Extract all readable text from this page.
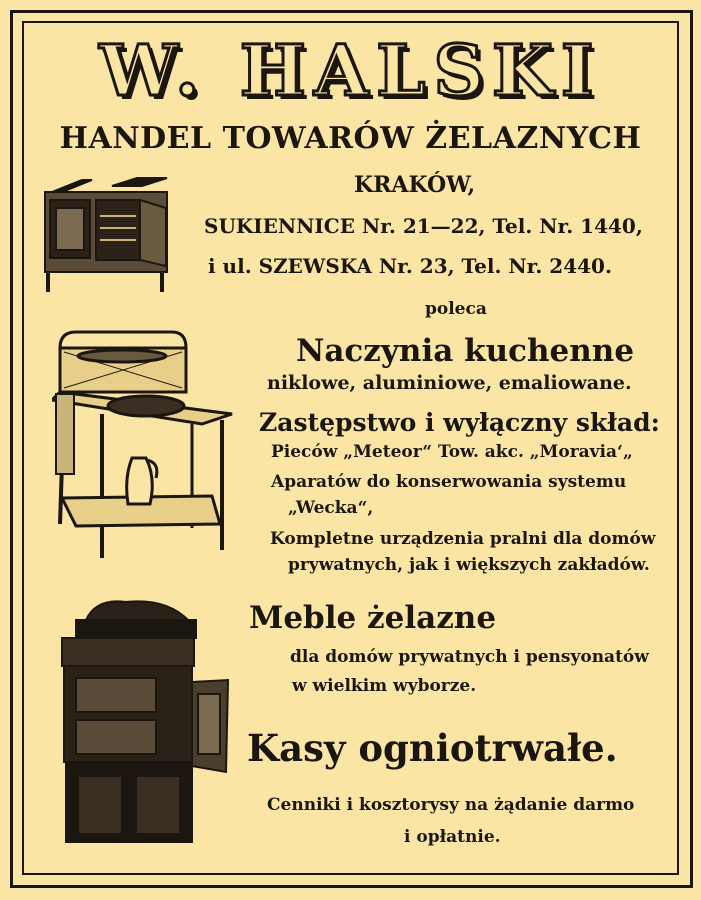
W. HALSKI
HANDEL TOWARÓW ŻELAZNYCH
KRAKÓW,
SUKIENNICE Nr. 21—22, Tel. Nr. 1440,
i ul. SZEWSKA Nr. 23, Tel. Nr. 2440.
poleca
Naczynia kuchenne
niklowe, aluminiowe, emaliowane.
Zastępstwo i wyłączny skład:
Pieców „Meteor“ Tow. akc. „Moravia‘„
Aparatów do konserwowania systemu
„Wecka“,
Kompletne urządzenia pralni dla domów
prywatnych, jak i większych zakładów.
Meble żelazne
dla domów prywatnych i pensyonatów
w wielkim wyborze.
Kasy ogniotrwałe.
Cenniki i kosztorysy na żądanie darmo
i opłatnie.
